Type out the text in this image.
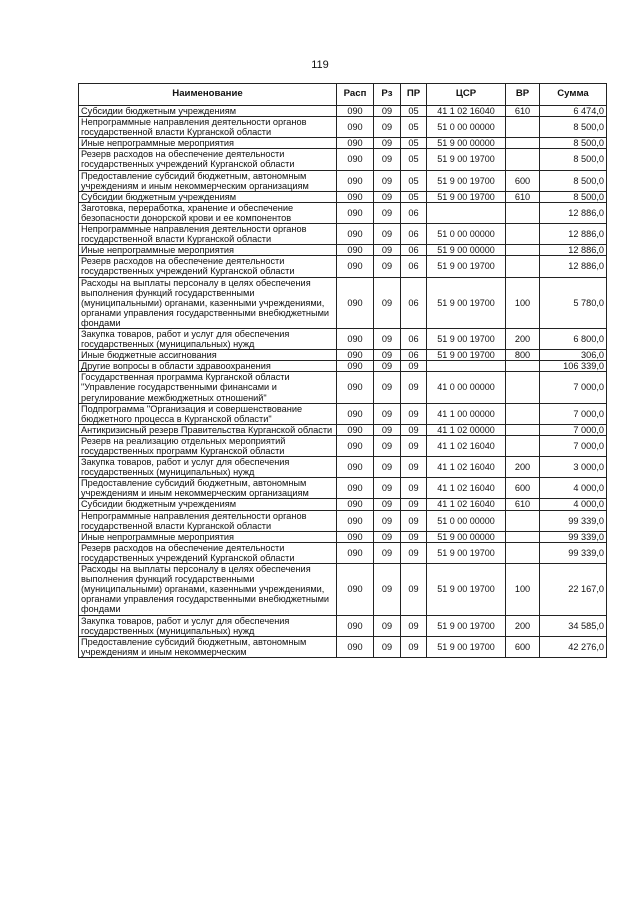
119
Наименование	Расп	Рз	ПР	ЦСР	ВР	Сумма
Субсидии бюджетным учреждениям	090	09	05	41 1 02 16040	610	6 474,0
Непрограммные направления деятельности органов государственной власти Курганской области	090	09	05	51 0 00 00000		8 500,0
Иные непрограммные мероприятия	090	09	05	51 9 00 00000		8 500,0
Резерв расходов на обеспечение деятельности государственных учреждений Курганской области	090	09	05	51 9 00 19700		8 500,0
Предоставление субсидий бюджетным, автономным учреждениям и иным некоммерческим организациям	090	09	05	51 9 00 19700	600	8 500,0
Субсидии бюджетным учреждениям	090	09	05	51 9 00 19700	610	8 500,0
Заготовка, переработка, хранение и обеспечение безопасности донорской крови и ее компонентов	090	09	06			12 886,0
Непрограммные направления деятельности органов государственной власти Курганской области	090	09	06	51 0 00 00000		12 886,0
Иные непрограммные мероприятия	090	09	06	51 9 00 00000		12 886,0
Резерв расходов на обеспечение деятельности государственных учреждений Курганской области	090	09	06	51 9 00 19700		12 886,0
Расходы на выплаты персоналу в целях обеспечения выполнения функций государственными (муниципальными) органами, казенными учреждениями, органами управления государственными внебюджетными фондами	090	09	06	51 9 00 19700	100	5 780,0
Закупка товаров, работ и услуг для обеспечения государственных (муниципальных) нужд	090	09	06	51 9 00 19700	200	6 800,0
Иные бюджетные ассигнования	090	09	06	51 9 00 19700	800	306,0
Другие вопросы в области здравоохранения	090	09	09			106 339,0
Государственная программа Курганской области "Управление государственными финансами и регулирование межбюджетных отношений"	090	09	09	41 0 00 00000		7 000,0
Подпрограмма "Организация и совершенствование бюджетного процесса в Курганской области"	090	09	09	41 1 00 00000		7 000,0
Антикризисный резерв Правительства Курганской области	090	09	09	41 1 02 00000		7 000,0
Резерв на реализацию отдельных мероприятий государственных программ Курганской области	090	09	09	41 1 02 16040		7 000,0
Закупка товаров, работ и услуг для обеспечения государственных (муниципальных) нужд	090	09	09	41 1 02 16040	200	3 000,0
Предоставление субсидий бюджетным, автономным учреждениям и иным некоммерческим организациям	090	09	09	41 1 02 16040	600	4 000,0
Субсидии бюджетным учреждениям	090	09	09	41 1 02 16040	610	4 000,0
Непрограммные направления деятельности органов государственной власти Курганской области	090	09	09	51 0 00 00000		99 339,0
Иные непрограммные мероприятия	090	09	09	51 9 00 00000		99 339,0
Резерв расходов на обеспечение деятельности государственных учреждений Курганской области	090	09	09	51 9 00 19700		99 339,0
Расходы на выплаты персоналу в целях обеспечения выполнения функций государственными (муниципальными) органами, казенными учреждениями, органами управления государственными внебюджетными фондами	090	09	09	51 9 00 19700	100	22 167,0
Закупка товаров, работ и услуг для обеспечения государственных (муниципальных) нужд	090	09	09	51 9 00 19700	200	34 585,0
Предоставление субсидий бюджетным, автономным учреждениям и иным некоммерческим	090	09	09	51 9 00 19700	600	42 276,0
